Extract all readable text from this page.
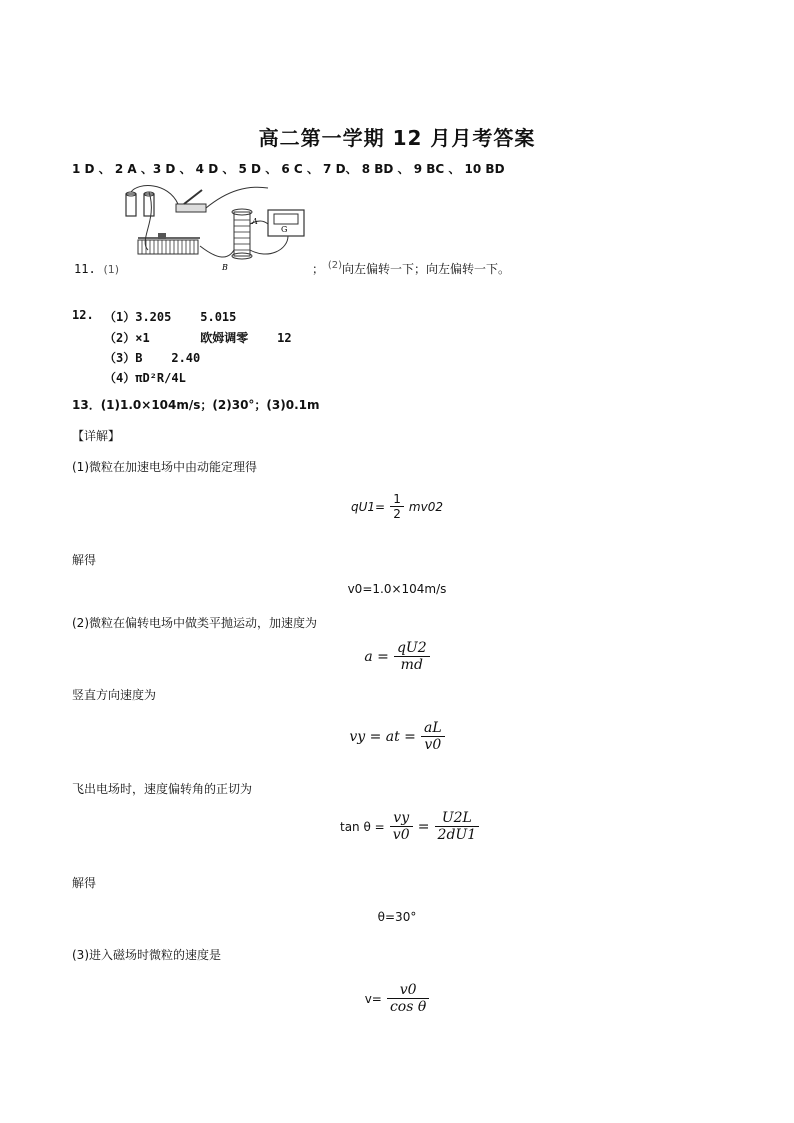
高二第一学期 12 月月考答案
1 D 、 2 A 、3 D 、 4 D 、 5 D 、 6 C 、 7 D、 8 BD 、 9 BC 、 10 BD
A
B
G
11. (1)	； $^{(2)}$向左偏转一下；向左偏转一下。
12. （1）3.205    5.015
（2）×1       欧姆调零    12
（3）B    2.40
（4）πD²R/4L
13．(1)1.0×104m/s；(2)30°；(3)0.1m
【详解】
(1)微粒在加速电场中由动能定理得
$qU1= \frac{1}{2} mv02$
解得
v0=1.0×104m/s
(2)微粒在偏转电场中做类平抛运动，加速度为
$a = \frac{qU2}{md}$
竖直方向速度为
vy = at = $\frac{aL}{v0}$
飞出电场时，速度偏转角的正切为
$\tan \theta = \frac{vy}{v0} = \frac{U2L}{2dU1}$
解得
θ=30°
(3)进入磁场时微粒的速度是
$v= \frac{v0}{\text{cos θ}}$
